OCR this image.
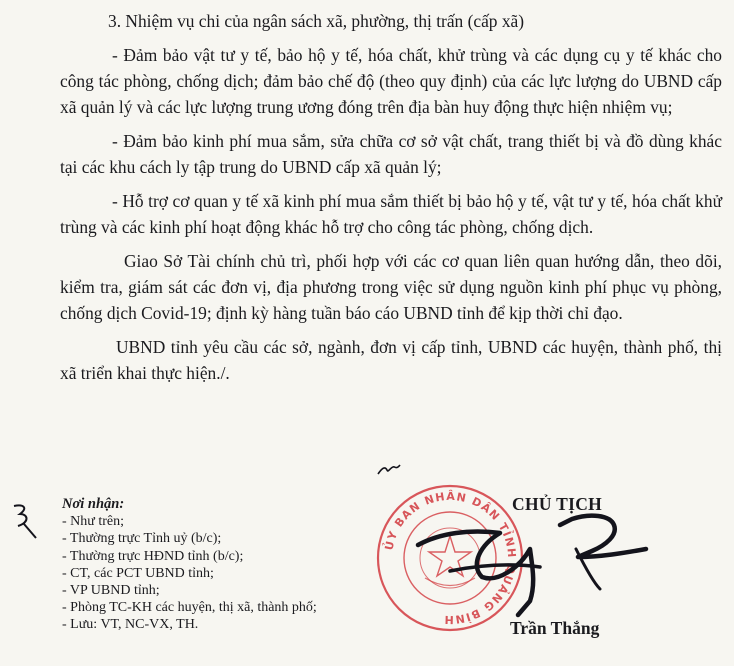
3. Nhiệm vụ chi của ngân sách xã, phường, thị trấn (cấp xã)

- Đảm bảo vật tư y tế, bảo hộ y tế, hóa chất, khử trùng và các dụng cụ y tế khác cho công tác phòng, chống dịch; đảm bảo chế độ (theo quy định) của các lực lượng do UBND cấp xã quản lý và các lực lượng trung ương đóng trên địa bàn huy động thực hiện nhiệm vụ;

- Đảm bảo kinh phí mua sắm, sửa chữa cơ sở vật chất, trang thiết bị và đồ dùng khác tại các khu cách ly tập trung do UBND cấp xã quản lý;

- Hỗ trợ cơ quan y tế xã kinh phí mua sắm thiết bị bảo hộ y tế, vật tư y tế, hóa chất khử trùng và các kinh phí hoạt động khác hỗ trợ cho công tác phòng, chống dịch.

Giao Sở Tài chính chủ trì, phối hợp với các cơ quan liên quan hướng dẫn, theo dõi, kiểm tra, giám sát các đơn vị, địa phương trong việc sử dụng nguồn kinh phí phục vụ phòng, chống dịch Covid-19; định kỳ hàng tuần báo cáo UBND tỉnh để kịp thời chỉ đạo.

UBND tỉnh yêu cầu các sở, ngành, đơn vị cấp tỉnh, UBND các huyện, thành phố, thị xã triển khai thực hiện./.

Nơi nhận:
- Như trên;
- Thường trực Tỉnh uỷ (b/c);
- Thường trực HĐND tỉnh (b/c);
- CT, các PCT UBND tỉnh;
- VP UBND tỉnh;
- Phòng TC-KH các huyện, thị xã, thành phố;
- Lưu: VT, NC-VX, TH.
ỦY BAN NHÂN DÂN TỈNH QUẢNG BÌNH
CHỦ TỊCH
Trần Thắng
